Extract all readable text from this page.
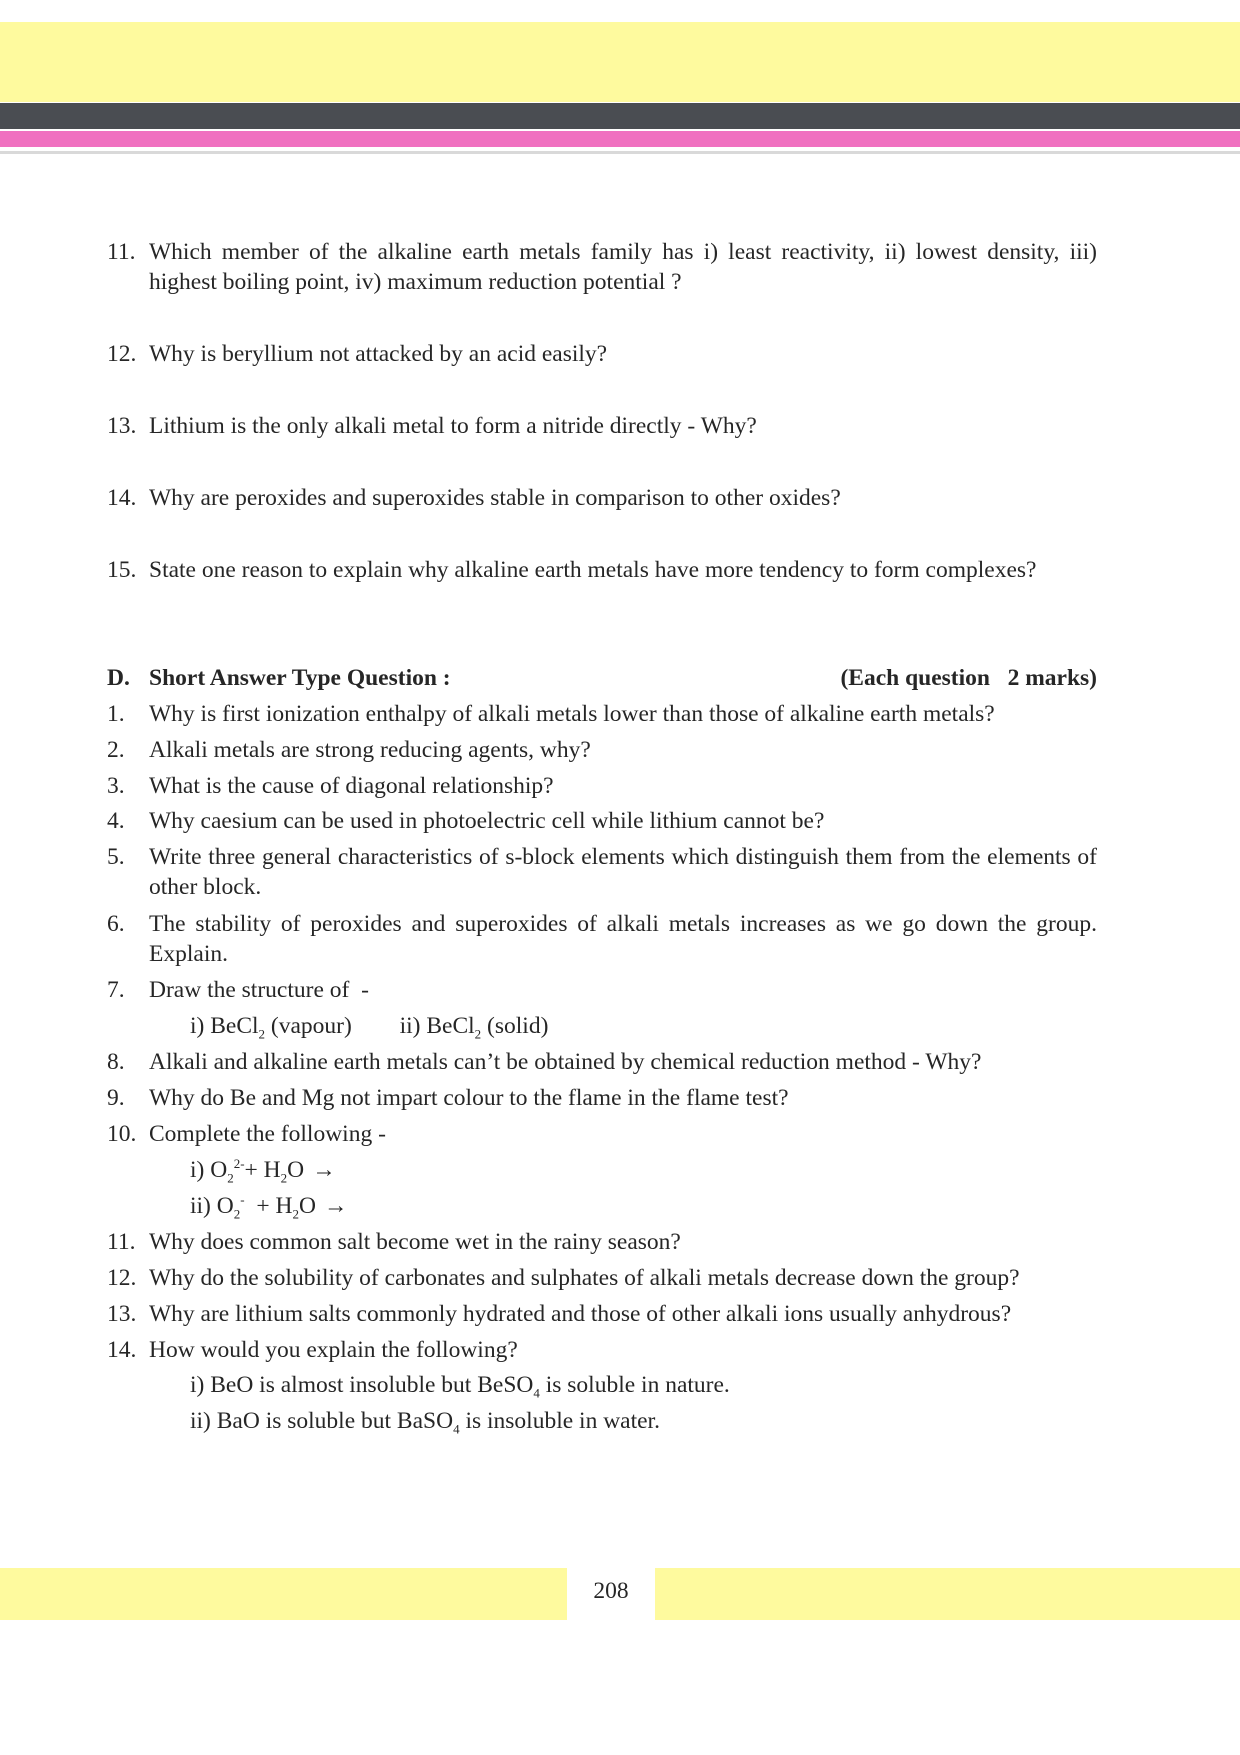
11. Which member of the alkaline earth metals family has i) least reactivity, ii) lowest density, iii) highest boiling point, iv) maximum reduction potential ?
12. Why is beryllium not attacked by an acid easily?
13. Lithium is the only alkali metal to form a nitride directly - Why?
14. Why are peroxides and superoxides stable in comparison to other oxides?
15. State one reason to explain why alkaline earth metals have more tendency to form complexes?
D. Short Answer Type Question :	(Each question   2 marks)
1. Why is first ionization enthalpy of alkali metals lower than those of alkaline earth metals?
2. Alkali metals are strong reducing agents, why?
3. What is the cause of diagonal relationship?
4. Why caesium can be used in photoelectric cell while lithium cannot be?
5. Write three general characteristics of s-block elements which distinguish them from the elements of other block.
6. The stability of peroxides and superoxides of alkali metals increases as we go down the group. Explain.
7. Draw the structure of  -
i) BeCl$_2$ (vapour) ii) BeCl$_2$ (solid)
8. Alkali and alkaline earth metals can’t be obtained by chemical reduction method - Why?
9. Why do Be and Mg not impart colour to the flame in the flame test?
10. Complete the following -
i) $O_2^{2-}+ H_2O$ →
ii) $O_2^- + H_2O$ →
11. Why does common salt become wet in the rainy season?
12. Why do the solubility of carbonates and sulphates of alkali metals decrease down the group?
13. Why are lithium salts commonly hydrated and those of other alkali ions usually anhydrous?
14. How would you explain the following?
i) BeO is almost insoluble but BeSO$_4$ is soluble in nature.
ii) BaO is soluble but BaSO$_4$ is insoluble in water.
208
